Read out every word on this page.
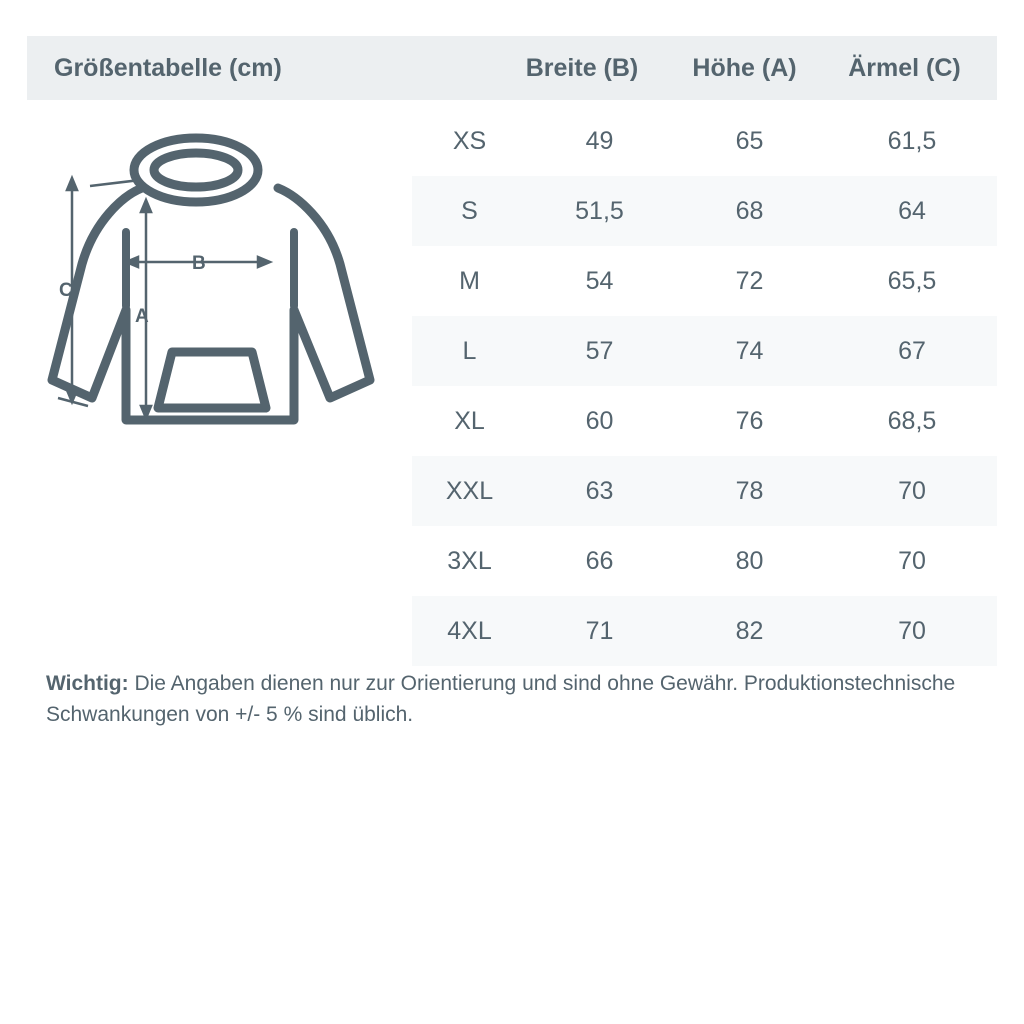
Größentabelle (cm)	Breite (B)	Höhe (A)	Ärmel (C)
XS	49	65	61,5
S	51,5	68	64
M	54	72	65,5
L	57	74	67
XL	60	76	68,5
XXL	63	78	70
3XL	66	80	70
4XL	71	82	70
C
B
A
Wichtig: Die Angaben dienen nur zur Orientierung und sind ohne Gewähr. Produktionstechnische Schwankungen von +/- 5 % sind üblich.
